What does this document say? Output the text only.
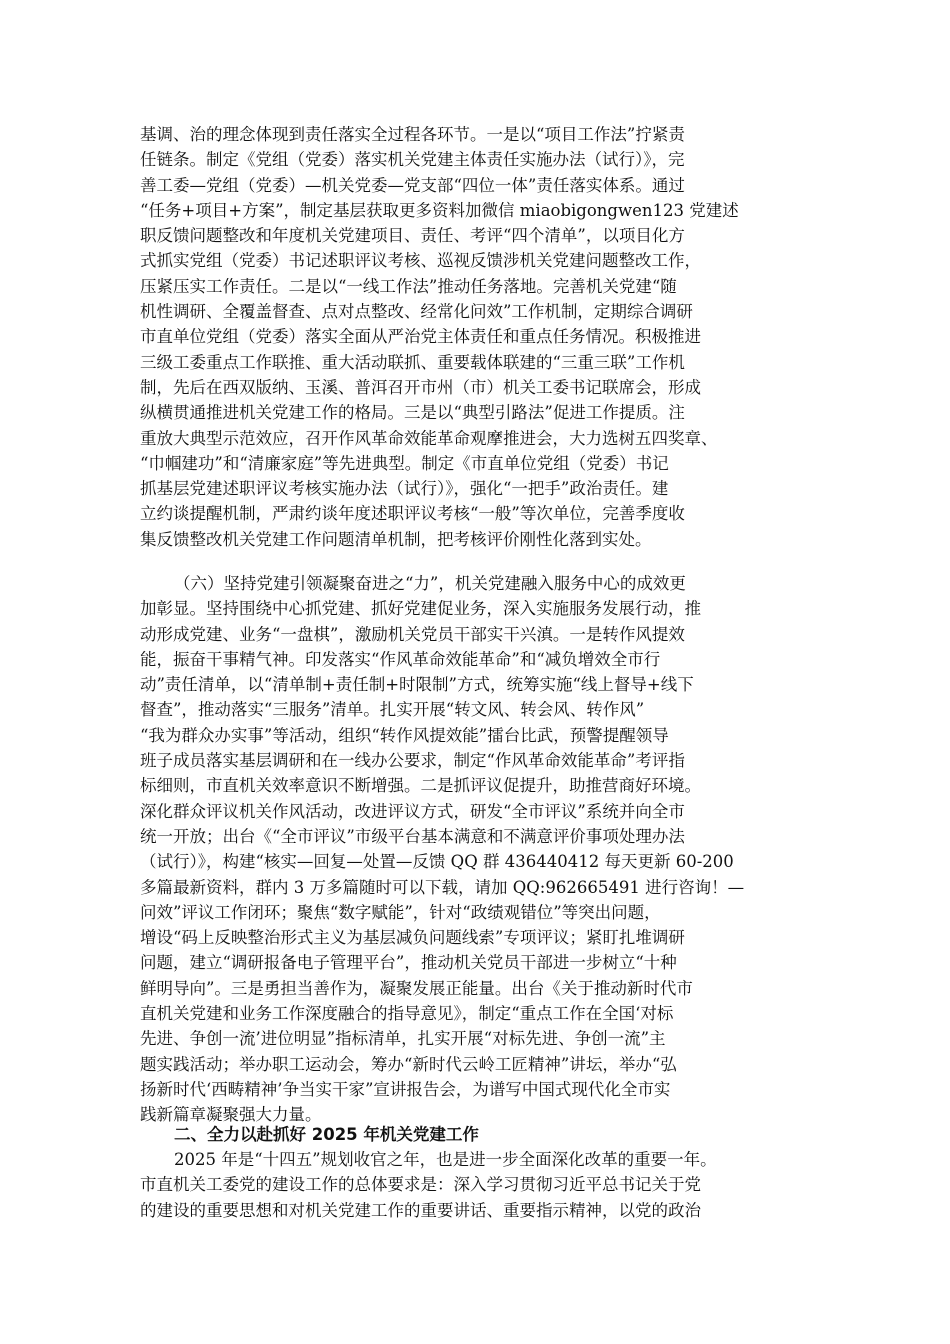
基调、治的理念体现到责任落实全过程各环节。一是以“项目工作法”拧紧责
任链条。制定《党组（党委）落实机关党建主体责任实施办法（试行）》，完
善工委—党组（党委）—机关党委—党支部“四位一体”责任落实体系。通过
“任务+项目+方案”，制定基层获取更多资料加微信 miaobigongwen123 党建述
职反馈问题整改和年度机关党建项目、责任、考评“四个清单”，以项目化方
式抓实党组（党委）书记述职评议考核、巡视反馈涉机关党建问题整改工作，
压紧压实工作责任。二是以“一线工作法”推动任务落地。完善机关党建“随
机性调研、全覆盖督查、点对点整改、经常化问效”工作机制，定期综合调研
市直单位党组（党委）落实全面从严治党主体责任和重点任务情况。积极推进
三级工委重点工作联推、重大活动联抓、重要载体联建的“三重三联”工作机
制，先后在西双版纳、玉溪、普洱召开市州（市）机关工委书记联席会，形成
纵横贯通推进机关党建工作的格局。三是以“典型引路法”促进工作提质。注
重放大典型示范效应，召开作风革命效能革命观摩推进会，大力选树五四奖章、
“巾帼建功”和“清廉家庭”等先进典型。制定《市直单位党组（党委）书记
抓基层党建述职评议考核实施办法（试行）》，强化“一把手”政治责任。建
立约谈提醒机制，严肃约谈年度述职评议考核“一般”等次单位，完善季度收
集反馈整改机关党建工作问题清单机制，把考核评价刚性化落到实处。
（六）坚持党建引领凝聚奋进之“力”，机关党建融入服务中心的成效更
加彰显。坚持围绕中心抓党建、抓好党建促业务，深入实施服务发展行动，推
动形成党建、业务“一盘棋”，激励机关党员干部实干兴滇。一是转作风提效
能，振奋干事精气神。印发落实“作风革命效能革命”和“减负增效全市行
动”责任清单，以“清单制+责任制+时限制”方式，统筹实施“线上督导+线下
督查”，推动落实“三服务”清单。扎实开展“转文风、转会风、转作风”
“我为群众办实事”等活动，组织“转作风提效能”擂台比武，预警提醒领导
班子成员落实基层调研和在一线办公要求，制定“作风革命效能革命”考评指
标细则，市直机关效率意识不断增强。二是抓评议促提升，助推营商好环境。
深化群众评议机关作风活动，改进评议方式，研发“全市评议”系统并向全市
统一开放；出台《“全市评议”市级平台基本满意和不满意评价事项处理办法
（试行）》，构建“核实—回复—处置—反馈 QQ 群 436440412 每天更新 60-200
多篇最新资料，群内 3 万多篇随时可以下载，请加 QQ:962665491 进行咨询！—
问效”评议工作闭环；聚焦“数字赋能”，针对“政绩观错位”等突出问题，
增设“码上反映整治形式主义为基层减负问题线索”专项评议；紧盯扎堆调研
问题，建立“调研报备电子管理平台”，推动机关党员干部进一步树立“十种
鲜明导向”。三是勇担当善作为，凝聚发展正能量。出台《关于推动新时代市
直机关党建和业务工作深度融合的指导意见》，制定“重点工作在全国‘对标
先进、争创一流’进位明显”指标清单，扎实开展“对标先进、争创一流”主
题实践活动；举办职工运动会，筹办“新时代云岭工匠精神”讲坛，举办“弘
扬新时代‘西畴精神’争当实干家”宣讲报告会，为谱写中国式现代化全市实
践新篇章凝聚强大力量。
二、全力以赴抓好 2025 年机关党建工作
2025 年是“十四五”规划收官之年，也是进一步全面深化改革的重要一年。
市直机关工委党的建设工作的总体要求是：深入学习贯彻习近平总书记关于党
的建设的重要思想和对机关党建工作的重要讲话、重要指示精神，以党的政治
